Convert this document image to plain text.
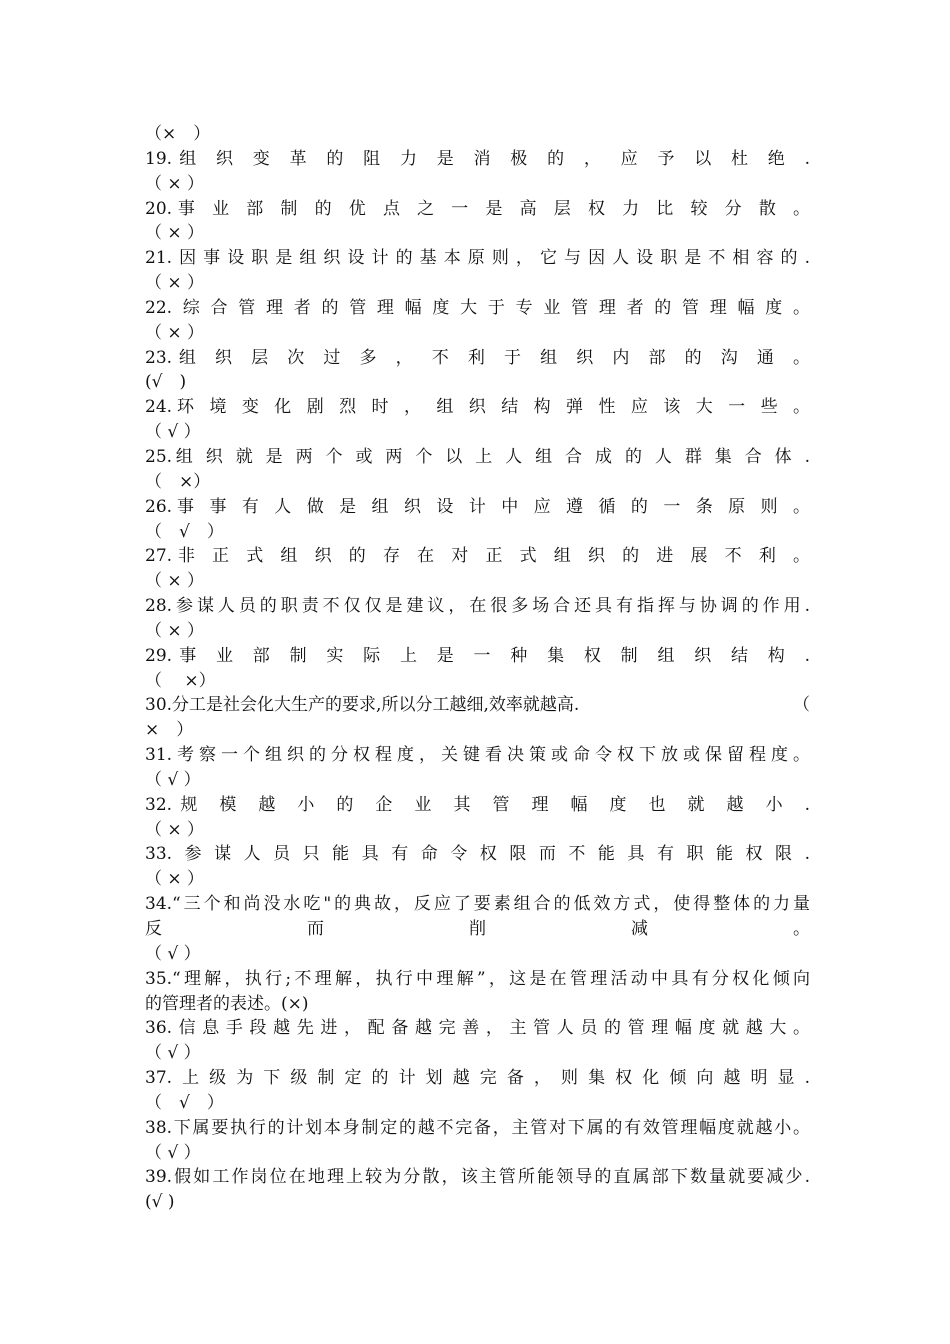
（×　）
19.组 织 变 革 的 阻 力 是 消 极 的 ， 应 予 以 杜 绝 .
（ × ）
20.事 业 部 制 的 优 点 之 一 是 高 层 权 力 比 较 分 散 。
（ × ）
21.因事设职是组织设计的基本原则，它与因人设职是不相容的.
（ × ）
22.综合管理者的管理幅度大于专业管理者的管理幅度。
（ × ）
23.组 织 层 次 过 多 ， 不 利 于 组 织 内 部 的 沟 通 。
(√　)
24.环 境 变 化 剧 烈 时 ， 组 织 结 构 弹 性 应 该 大 一 些 。
（ √ ）
25.组 织 就 是 两 个 或 两 个 以 上 人 组 合 成 的 人 群 集 合 体 .
（　×）
26.事 事 有 人 做 是 组 织 设 计 中 应 遵 循 的 一 条 原 则 。
（　√　）
27.非 正 式 组 织 的 存 在 对 正 式 组 织 的 进 展 不 利 。
（ × ）
28.参谋人员的职责不仅仅是建议，在很多场合还具有指挥与协调的作用.
（ × ）
29.事 业 部 制 实 际 上 是 一 种 集 权 制 组 织 结 构 .
（　 ×）
30.分工是社会化大生产的要求,所以分工越细,效率就越高.	（
×　）
31.考察一个组织的分权程度，关键看决策或命令权下放或保留程度。
（ √ ）
32.规 模 越 小 的 企 业 其 管 理 幅 度 也 就 越 小 .
（ × ）
33.参谋人员只能具有命令权限而不能具有职能权限.
（ × ）
34.“三个和尚没水吃"的典故，反应了要素组合的低效方式，使得整体的力量
反 而 削 减 。
（ √ ）
35.“理解，执行;不理解，执行中理解”，这是在管理活动中具有分权化倾向
的管理者的表述。(×)
36.信息手段越先进，配备越完善，主管人员的管理幅度就越大。
（ √ ）
37.上级为下级制定的计划越完备，则集权化倾向越明显.
（　√　）
38.下属要执行的计划本身制定的越不完备，主管对下属的有效管理幅度就越小。
（ √ ）
39.假如工作岗位在地理上较为分散，该主管所能领导的直属部下数量就要减少.
(√ )
